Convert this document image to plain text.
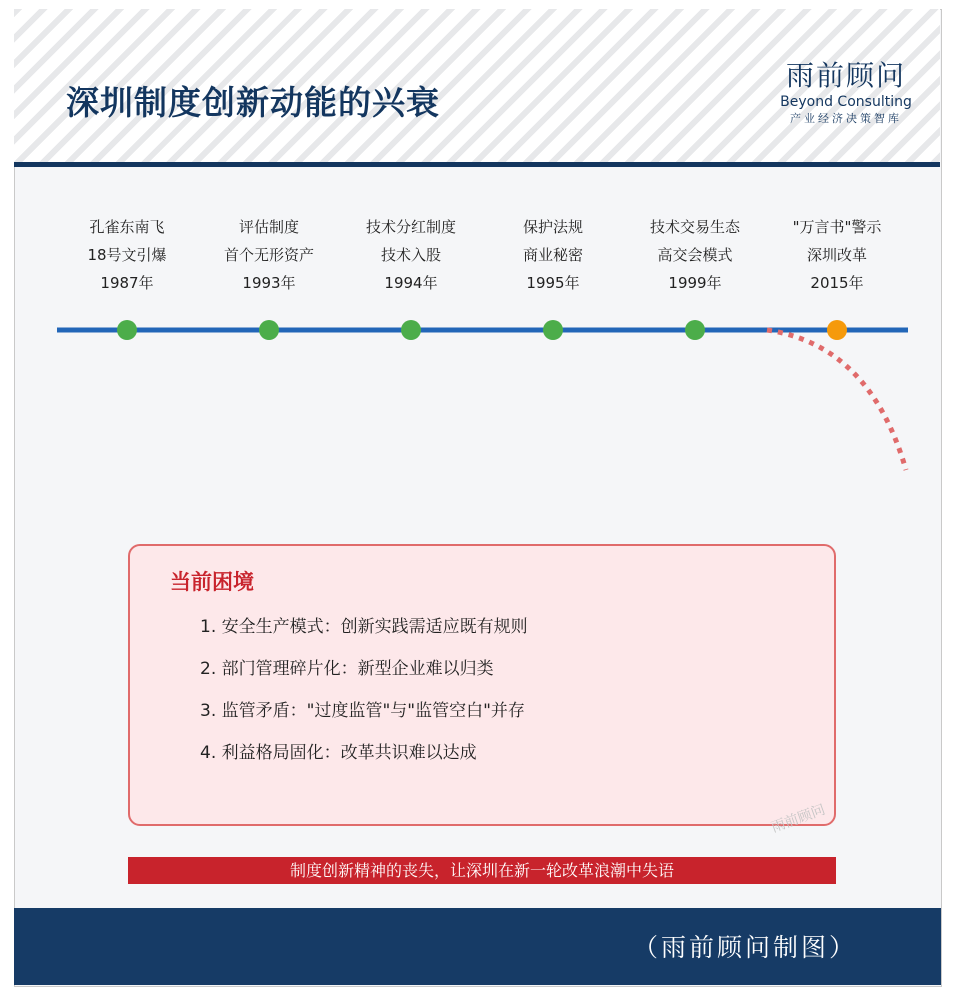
深圳制度创新动能的兴衰
雨前顾问
Beyond Consulting
产业经济决策智库
孔雀东南飞
18号文引爆
1987年
评估制度
首个无形资产
1993年
技术分红制度
技术入股
1994年
保护法规
商业秘密
1995年
技术交易生态
高交会模式
1999年
"万言书"警示
深圳改革
2015年
当前困境
1. 安全生产模式：创新实践需适应既有规则
2. 部门管理碎片化：新型企业难以归类
3. 监管矛盾："过度监管"与"监管空白"并存
4. 利益格局固化：改革共识难以达成
雨前顾问
制度创新精神的丧失，让深圳在新一轮改革浪潮中失语
（雨前顾问制图）
